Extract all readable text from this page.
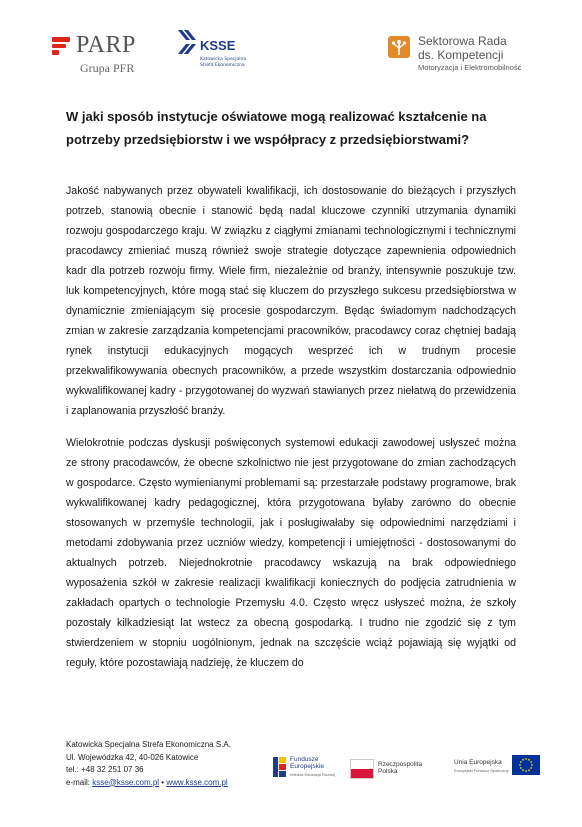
PARP
Grupa PFR
KSSE
Katowicka Specjalna Strefa Ekonomiczna
Sektorowa Rada
ds. Kompetencji
Motoryzacja i Elektromobilność

W jaki sposób instytucje oświatowe mogą realizować kształcenie na potrzeby przedsiębiorstw i we współpracy z przedsiębiorstwami?

Jakość nabywanych przez obywateli kwalifikacji, ich dostosowanie do bieżących i przyszłych potrzeb, stanowią obecnie i stanowić będą nadal kluczowe czynniki utrzymania dynamiki rozwoju gospodarczego kraju. W związku z ciągłymi zmianami technologicznymi i technicznymi pracodawcy zmieniać muszą również swoje strategie dotyczące zapewnienia odpowiednich kadr dla potrzeb rozwoju firmy. Wiele firm, niezależnie od branży, intensywnie poszukuje tzw. luk kompetencyjnych, które mogą stać się kluczem do przyszłego sukcesu przedsiębiorstwa w dynamicznie zmieniającym się procesie gospodarczym. Będąc świadomym nadchodzących zmian w zakresie zarządzania kompetencjami pracowników, pracodawcy coraz chętniej badają rynek instytucji edukacyjnych mogących wesprzeć ich w trudnym procesie przekwalifikowywania obecnych pracowników, a przede wszystkim dostarczania odpowiednio wykwalifikowanej kadry - przygotowanej do wyzwań stawianych przez niełatwą do przewidzenia i zaplanowania przyszłość branży.

Wielokrotnie podczas dyskusji poświęconych systemowi edukacji zawodowej usłyszeć można ze strony pracodawców, że obecne szkolnictwo nie jest przygotowane do zmian zachodzących w gospodarce. Często wymienianymi problemami są: przestarzałe podstawy programowe, brak wykwalifikowanej kadry pedagogicznej, która przygotowana byłaby zarówno do obecnie stosowanych w przemyśle technologii, jak i posługiwałaby się odpowiednimi narzędziami i metodami zdobywania przez uczniów wiedzy, kompetencji i umiejętności - dostosowanymi do aktualnych potrzeb. Niejednokrotnie pracodawcy wskazują na brak odpowiedniego wyposażenia szkół w zakresie realizacji kwalifikacji koniecznych do podjęcia zatrudnienia w zakładach opartych o technologie Przemysłu 4.0. Często wręcz usłyszeć można, że szkoły pozostały kilkadziesiąt lat wstecz za obecną gospodarką. I trudno nie zgodzić się z tym stwierdzeniem w stopniu uogólnionym, jednak na szczęście wciąż pojawiają się wyjątki od reguły, które pozostawiają nadzieję, że kluczem do

Katowicka Specjalna Strefa Ekonomiczna S.A.
Ul. Wojewódzka 42, 40-026 Katowice
tel.: +48 32 251 07 36
e-mail: ksse@ksse.com.pl • www.ksse.com.pl
Fundusze
Europejskie
Wiedza Edukacja Rozwój
Rzeczpospolita
Polska
Unia Europejska
Europejski Fundusz Społeczny
